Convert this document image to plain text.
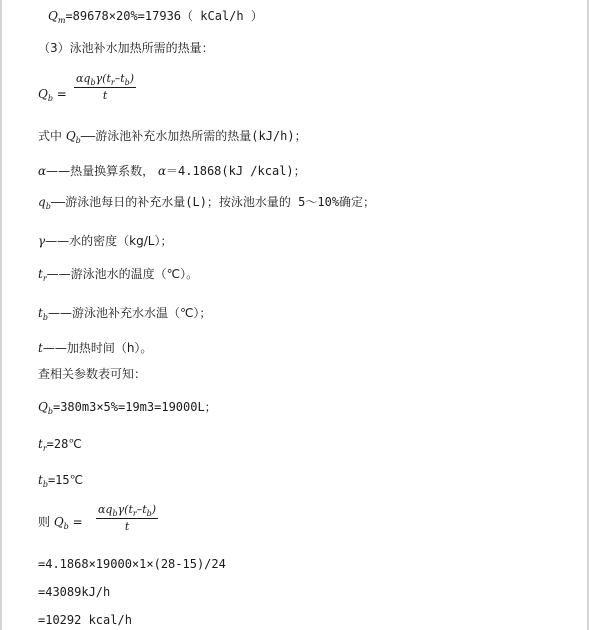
$Q_m=89678\times 20\%=17936$（ kCal/h ）
（3）泳池补水加热所需的热量：
$Q_b$ =
$\alpha q_b\gamma(t_r-t_b)$
t
式中 $Q_b——$游泳池补充水加热所需的热量(kJ/h)；
α——热量换算系数， α＝4.1868(kJ /kcal)；
$q_b——$游泳池每日的补充水量(L)；按泳池水量的 5～10%确定；
γ——水的密度（kg/L）；
$t_r——$游泳池水的温度（℃）。
$t_b——$游泳池补充水水温（℃）；
t——加热时间（h）。
查相关参数表可知：
$Q_b=380m3\times 5\%=19m3=19000L$；
$t_r=28℃$
$t_b=15℃$
则 $Q_b$ =
$\alpha q_b\gamma(t_r-t_b)$
t
=4.1868×19000×1×(28-15)/24
=43089kJ/h
=10292 kcal/h
